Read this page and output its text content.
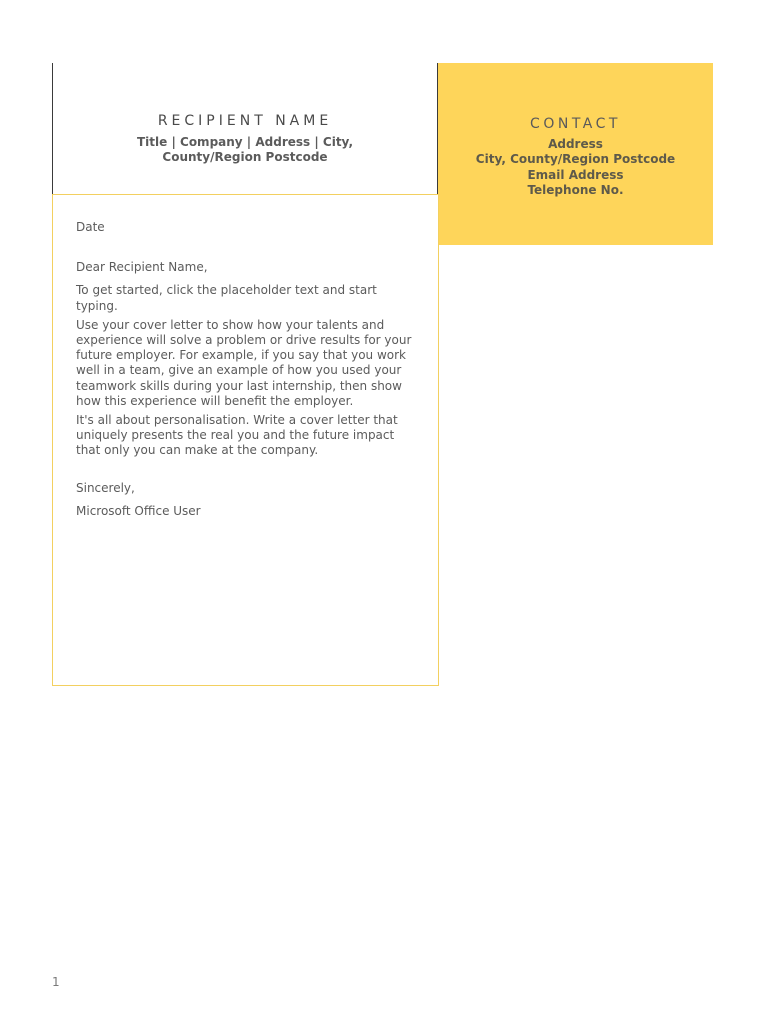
RECIPIENT NAME
Title | Company | Address | City,
County/Region Postcode
CONTACT
Address
City, County/Region Postcode
Email Address
Telephone No.

Date

Dear Recipient Name,

To get started, click the placeholder text and start typing.

Use your cover letter to show how your talents and experience will solve a problem or drive results for your future employer. For example, if you say that you work well in a team, give an example of how you used your teamwork skills during your last internship, then show how this experience will benefit the employer.

It's all about personalisation. Write a cover letter that uniquely presents the real you and the future impact that only you can make at the company.

Sincerely,

Microsoft Office User

1
